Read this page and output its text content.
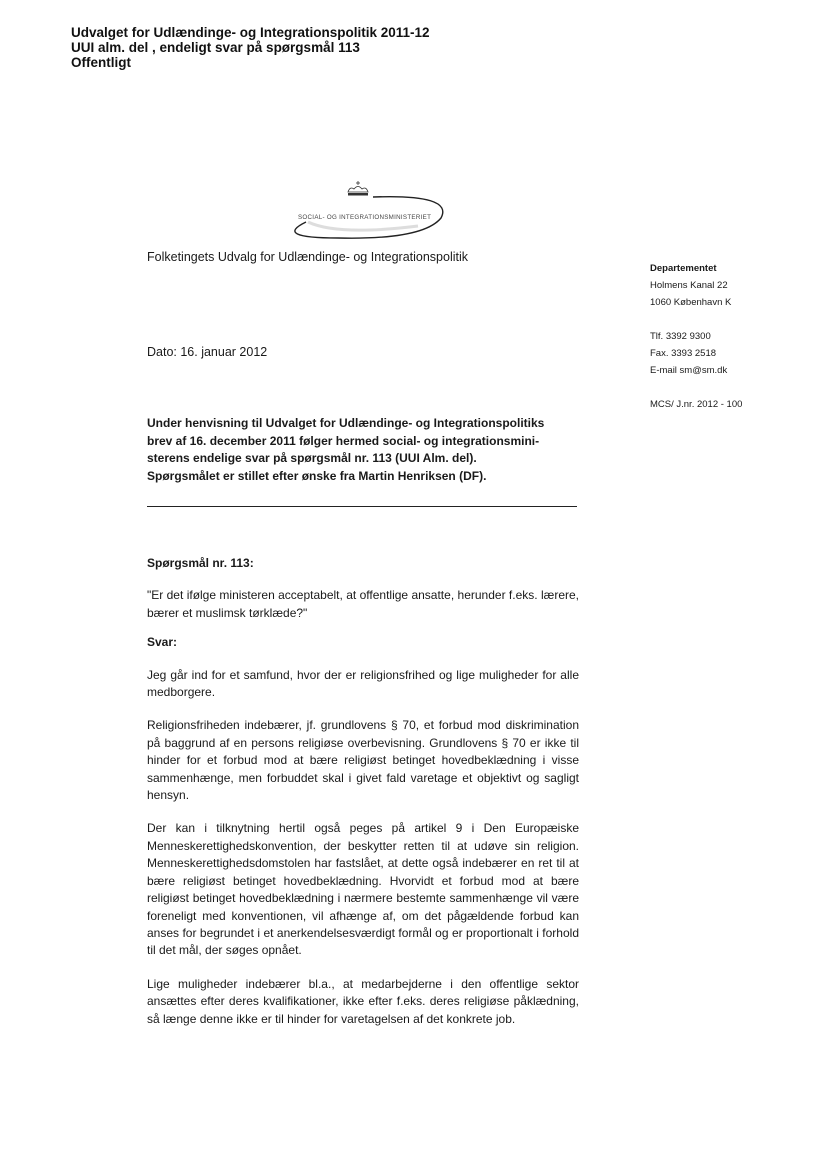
Udvalget for Udlændinge- og Integrationspolitik 2011-12
UUI alm. del , endeligt svar på spørgsmål 113
Offentligt
SOCIAL- OG INTEGRATIONSMINISTERIET
Folketingets Udvalg for Udlændinge- og Integrationspolitik
Departementet
Holmens Kanal 22
1060 København K
Tlf. 3392 9300
Fax. 3393 2518
E-mail sm@sm.dk
MCS/ J.nr. 2012 - 100
Dato: 16. januar 2012
Under henvisning til Udvalget for Udlændinge- og Integrationspolitiks
brev af 16. december 2011 følger hermed social- og integrationsmini-
sterens endelige svar på spørgsmål nr. 113 (UUI Alm. del).
Spørgsmålet er stillet efter ønske fra Martin Henriksen (DF).

Spørgsmål nr. 113:

"Er det ifølge ministeren acceptabelt, at offentlige ansatte, herunder f.eks. lærere, bærer et muslimsk tørklæde?"

Svar:

Jeg går ind for et samfund, hvor der er religionsfrihed og lige muligheder for alle medborgere.

Religionsfriheden indebærer, jf. grundlovens § 70, et forbud mod diskrimination på baggrund af en persons religiøse overbevisning. Grundlovens § 70 er ikke til hinder for et forbud mod at bære religiøst betinget hovedbeklædning i visse sammenhænge, men forbuddet skal i givet fald varetage et objektivt og sagligt hensyn.

Der kan i tilknytning hertil også peges på artikel 9 i Den Europæiske Menneskerettighedskonvention, der beskytter retten til at udøve sin religion. Menneskerettighedsdomstolen har fastslået, at dette også indebærer en ret til at bære religiøst betinget hovedbeklædning. Hvorvidt et forbud mod at bære religiøst betinget hovedbeklædning i nærmere bestemte sammenhænge vil være foreneligt med konventionen, vil afhænge af, om det pågældende forbud kan anses for begrundet i et anerkendelsesværdigt formål og er proportionalt i forhold til det mål, der søges opnået.

Lige muligheder indebærer bl.a., at medarbejderne i den offentlige sektor ansættes efter deres kvalifikationer, ikke efter f.eks. deres religiøse påklædning, så længe denne ikke er til hinder for varetagelsen af det konkrete job.
